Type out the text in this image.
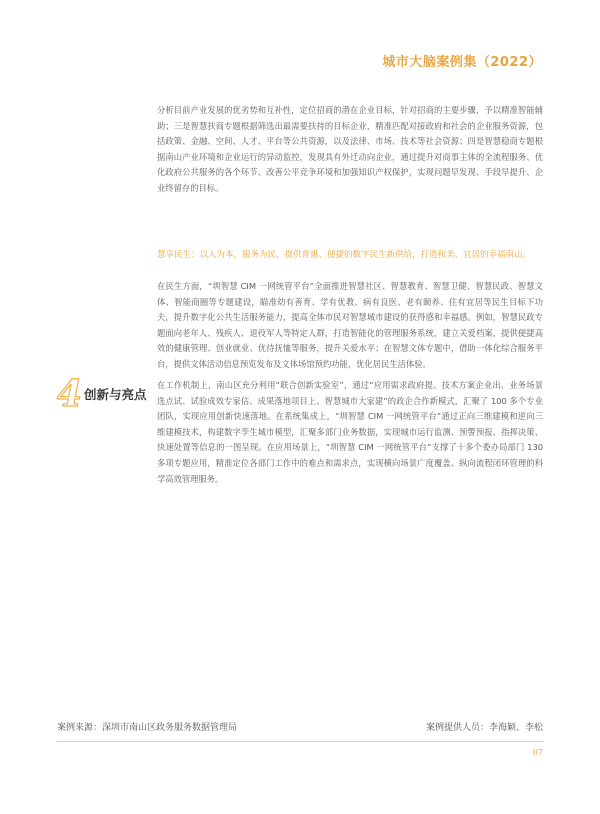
城市大脑案例集（2022）

分析目前产业发展的优劣势和互补性，定位招商的潜在企业目标，针对招商的主要步骤，予以精准智能辅助；三是智慧扶商专题根据筛选出最需要扶持的目标企业，精准匹配对接政府和社会的企业服务资源，包括政策、金融、空间、人才、平台等公共资源，以及法律、市场、技术等社会资源；四是智慧稳商专题根据南山产业环境和企业运行的异动监控，发现具有外迁动向企业，通过提升对商事主体的全流程服务、优化政府公共服务的各个环节、改善公平竞争环境和加强知识产权保护，实现问题早发现、手段早提升、企业终留存的目标。

慧享民生：以人为本，服务为民，提供普惠、便捷的数字民生新供给，打造和美、宜居的幸福南山。

在民生方面，“圳智慧 CIM 一网统管平台”全面推进智慧社区、智慧教育、智慧卫健、智慧民政、智慧文体、智能商圈等专题建设，瞄准幼有善育、学有优教、病有良医、老有颐养、住有宜居等民生目标下功夫，提升数字化公共生活服务能力，提高全体市民对智慧城市建设的获得感和幸福感。例如，智慧民政专题面向老年人、残疾人、退役军人等特定人群，打造智能化的管理服务系统，建立关爱档案，提供便捷高效的健康管理、创业就业、优待抚恤等服务，提升关爱水平；在智慧文体专题中，借助一体化综合服务平台，提供文体活动信息预览发布及文体场馆预约功能，优化居民生活体验。

4 创新与亮点

在工作机制上，南山区充分利用“联合创新实验室”，通过“应用需求政府提、技术方案企业出、业务场景选点试、试验成效专家估、成果落地项目上、智慧城市大家建”的政企合作新模式，汇聚了 100 多个专业团队，实现应用创新快速落地。在系统集成上，“圳智慧 CIM 一网统管平台”通过正向三维建模和逆向三维建模技术，构建数字孪生城市模型，汇聚多部门业务数据，实现城市运行监测、预警预报、指挥决策、快速处置等信息的一图呈现。在应用场景上，“圳智慧 CIM 一网统管平台”支撑了十多个委办局部门 130 多项专题应用，精准定位各部门工作中的难点和需求点，实现横向场景广度覆盖、纵向流程闭环管理的科学高效管理服务。

案例来源：深圳市南山区政务服务数据管理局	案例提供人员：李海颖、李松
07
